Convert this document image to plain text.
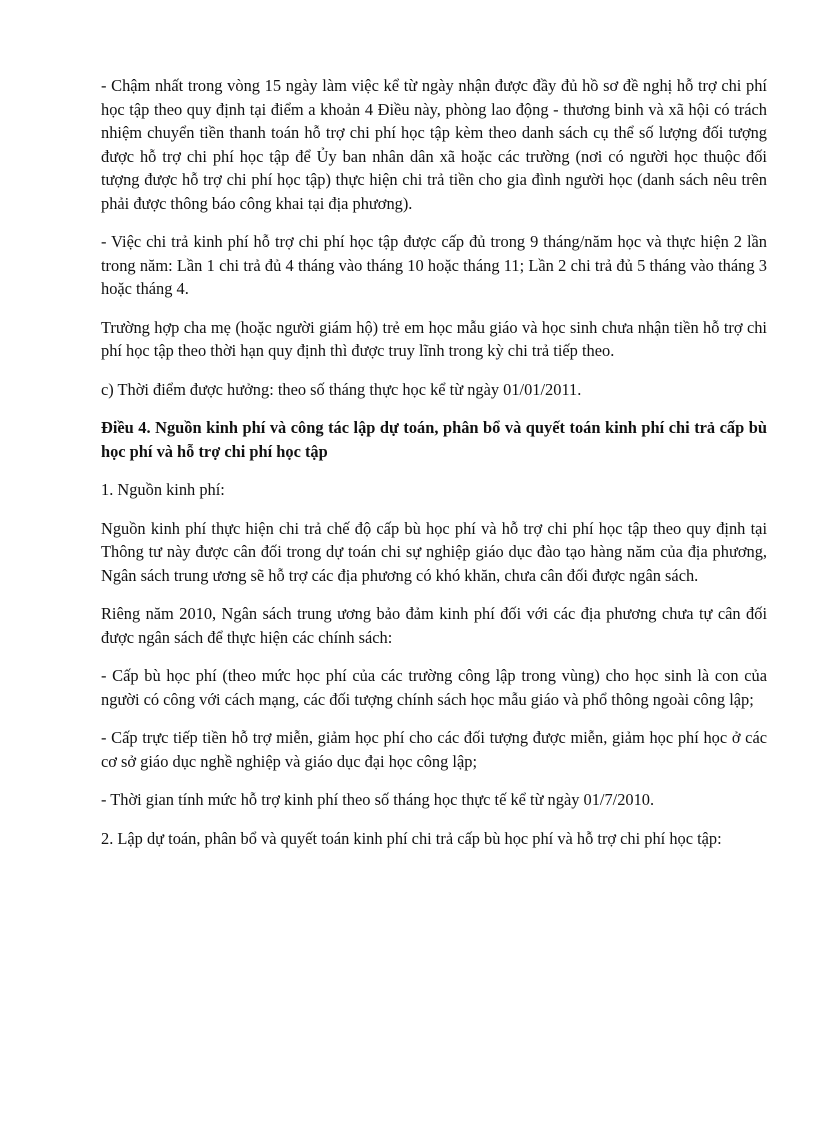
- Chậm nhất trong vòng 15 ngày làm việc kể từ ngày nhận được đầy đủ hồ sơ đề nghị hỗ trợ chi phí học tập theo quy định tại điểm a khoản 4 Điều này, phòng lao động - thương binh và xã hội có trách nhiệm chuyển tiền thanh toán hỗ trợ chi phí học tập kèm theo danh sách cụ thể số lượng đối tượng được hỗ trợ chi phí học tập để Ủy ban nhân dân xã hoặc các trường (nơi có người học thuộc đối tượng được hỗ trợ chi phí học tập) thực hiện chi trả tiền cho gia đình người học (danh sách nêu trên phải được thông báo công khai tại địa phương).

- Việc chi trả kinh phí hỗ trợ chi phí học tập được cấp đủ trong 9 tháng/năm học và thực hiện 2 lần trong năm: Lần 1 chi trả đủ 4 tháng vào tháng 10 hoặc tháng 11; Lần 2 chi trả đủ 5 tháng vào tháng 3 hoặc tháng 4.

Trường hợp cha mẹ (hoặc người giám hộ) trẻ em học mẫu giáo và học sinh chưa nhận tiền hỗ trợ chi phí học tập theo thời hạn quy định thì được truy lĩnh trong kỳ chi trả tiếp theo.

c) Thời điểm được hưởng: theo số tháng thực học kể từ ngày 01/01/2011.

Điều 4. Nguồn kinh phí và công tác lập dự toán, phân bổ và quyết toán kinh phí chi trả cấp bù học phí và hỗ trợ chi phí học tập

1. Nguồn kinh phí:

Nguồn kinh phí thực hiện chi trả chế độ cấp bù học phí và hỗ trợ chi phí học tập theo quy định tại Thông tư này được cân đối trong dự toán chi sự nghiệp giáo dục đào tạo hàng năm của địa phương, Ngân sách trung ương sẽ hỗ trợ các địa phương có khó khăn, chưa cân đối được ngân sách.

Riêng năm 2010, Ngân sách trung ương bảo đảm kinh phí đối với các địa phương chưa tự cân đối được ngân sách để thực hiện các chính sách:

- Cấp bù học phí (theo mức học phí của các trường công lập trong vùng) cho học sinh là con của người có công với cách mạng, các đối tượng chính sách học mẫu giáo và phổ thông ngoài công lập;

- Cấp trực tiếp tiền hỗ trợ miễn, giảm học phí cho các đối tượng được miễn, giảm học phí học ở các cơ sở giáo dục nghề nghiệp và giáo dục đại học công lập;

- Thời gian tính mức hỗ trợ kinh phí theo số tháng học thực tế kể từ ngày 01/7/2010.

2. Lập dự toán, phân bổ và quyết toán kinh phí chi trả cấp bù học phí và hỗ trợ chi phí học tập:
